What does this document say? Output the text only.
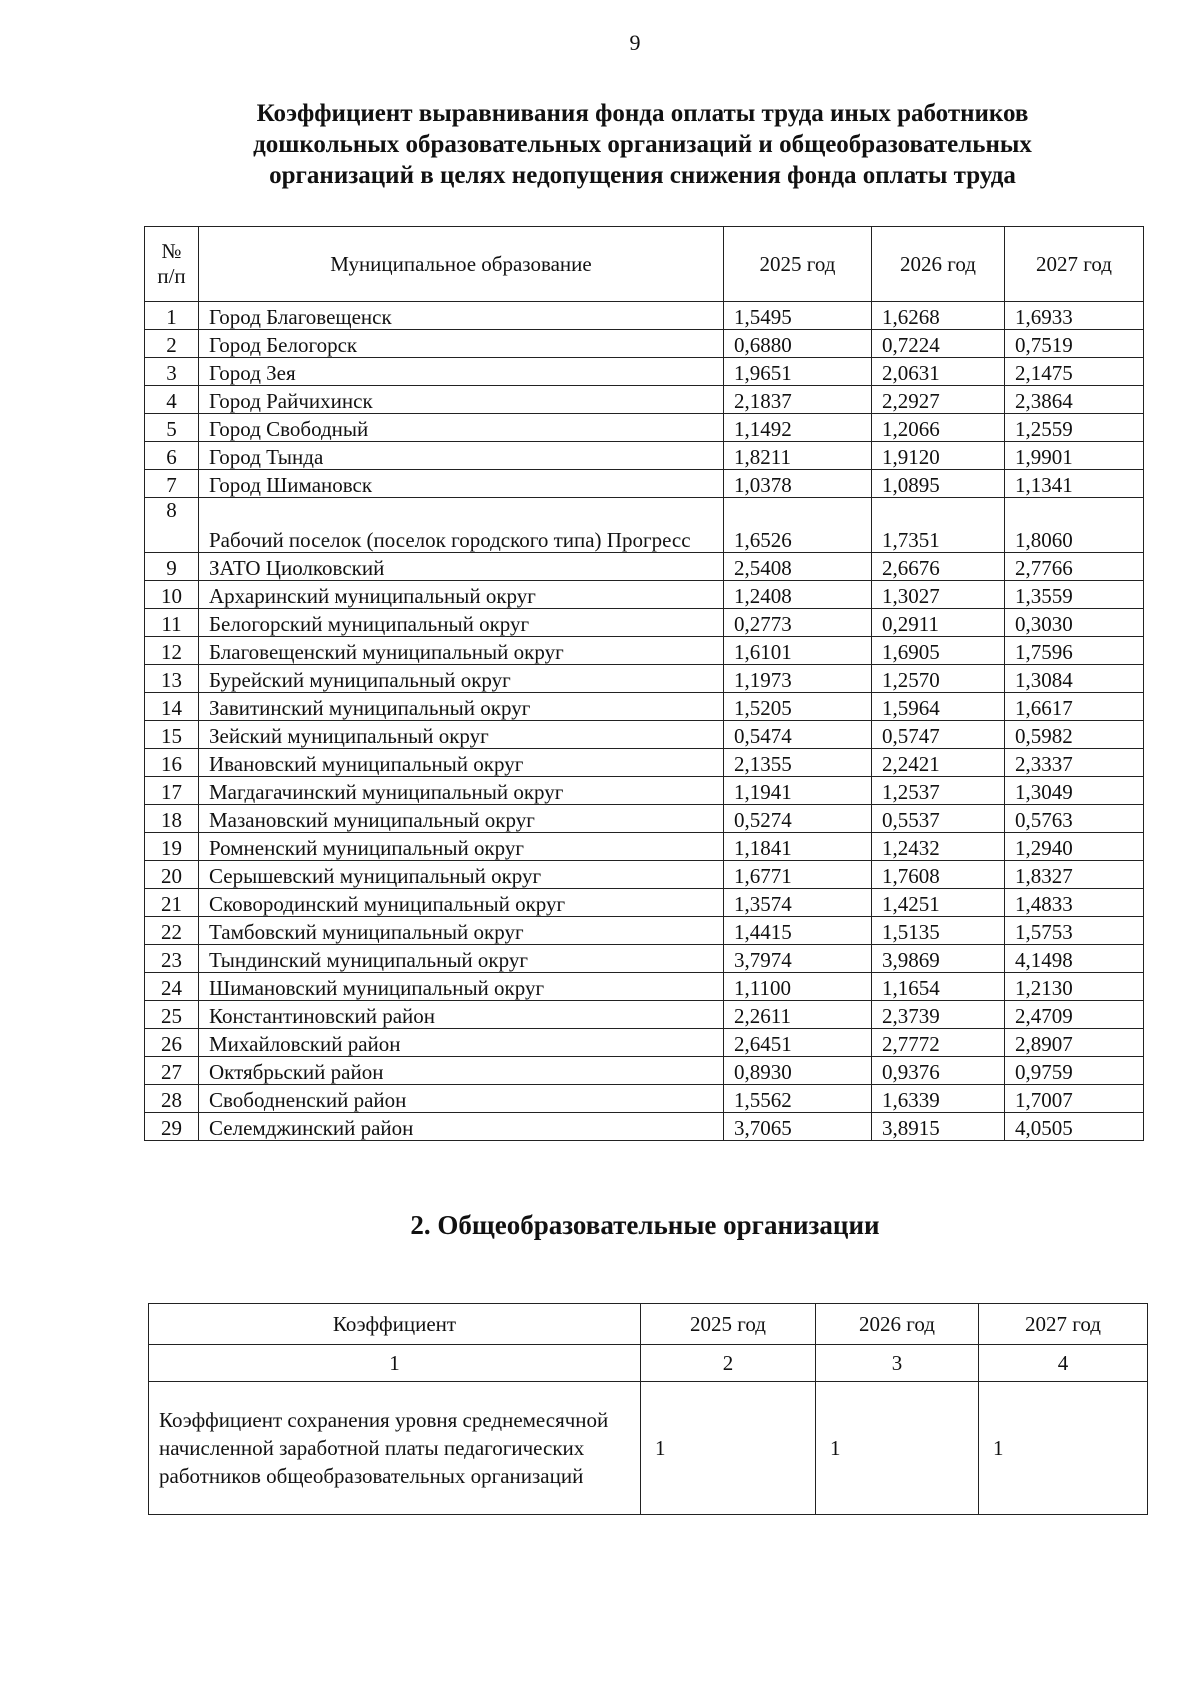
9
Коэффициент выравнивания фонда оплаты труда иных работников
дошкольных образовательных организаций и общеобразовательных
организаций в целях недопущения снижения фонда оплаты труда
№ п/п	Муниципальное образование	2025 год	2026 год	2027 год
1	Город Благовещенск	1,5495	1,6268	1,6933
2	Город Белогорск	0,6880	0,7224	0,7519
3	Город Зея	1,9651	2,0631	2,1475
4	Город Райчихинск	2,1837	2,2927	2,3864
5	Город Свободный	1,1492	1,2066	1,2559
6	Город Тында	1,8211	1,9120	1,9901
7	Город Шимановск	1,0378	1,0895	1,1341
8	Рабочий поселок (поселок городского типа) Прогресс	1,6526	1,7351	1,8060
9	ЗАТО Циолковский	2,5408	2,6676	2,7766
10	Архаринский муниципальный округ	1,2408	1,3027	1,3559
11	Белогорский муниципальный округ	0,2773	0,2911	0,3030
12	Благовещенский муниципальный округ	1,6101	1,6905	1,7596
13	Бурейский муниципальный округ	1,1973	1,2570	1,3084
14	Завитинский муниципальный округ	1,5205	1,5964	1,6617
15	Зейский муниципальный округ	0,5474	0,5747	0,5982
16	Ивановский муниципальный округ	2,1355	2,2421	2,3337
17	Магдагачинский муниципальный округ	1,1941	1,2537	1,3049
18	Мазановский муниципальный округ	0,5274	0,5537	0,5763
19	Ромненский муниципальный округ	1,1841	1,2432	1,2940
20	Серышевский муниципальный округ	1,6771	1,7608	1,8327
21	Сковородинский муниципальный округ	1,3574	1,4251	1,4833
22	Тамбовский муниципальный округ	1,4415	1,5135	1,5753
23	Тындинский муниципальный округ	3,7974	3,9869	4,1498
24	Шимановский муниципальный округ	1,1100	1,1654	1,2130
25	Константиновский район	2,2611	2,3739	2,4709
26	Михайловский район	2,6451	2,7772	2,8907
27	Октябрьский район	0,8930	0,9376	0,9759
28	Свободненский район	1,5562	1,6339	1,7007
29	Селемджинский район	3,7065	3,8915	4,0505
2. Общеобразовательные организации
Коэффициент	2025 год	2026 год	2027 год
1	2	3	4
Коэффициент сохранения уровня среднемесячной начисленной заработной платы педагогических работников общеобразовательных организаций	1	1	1
